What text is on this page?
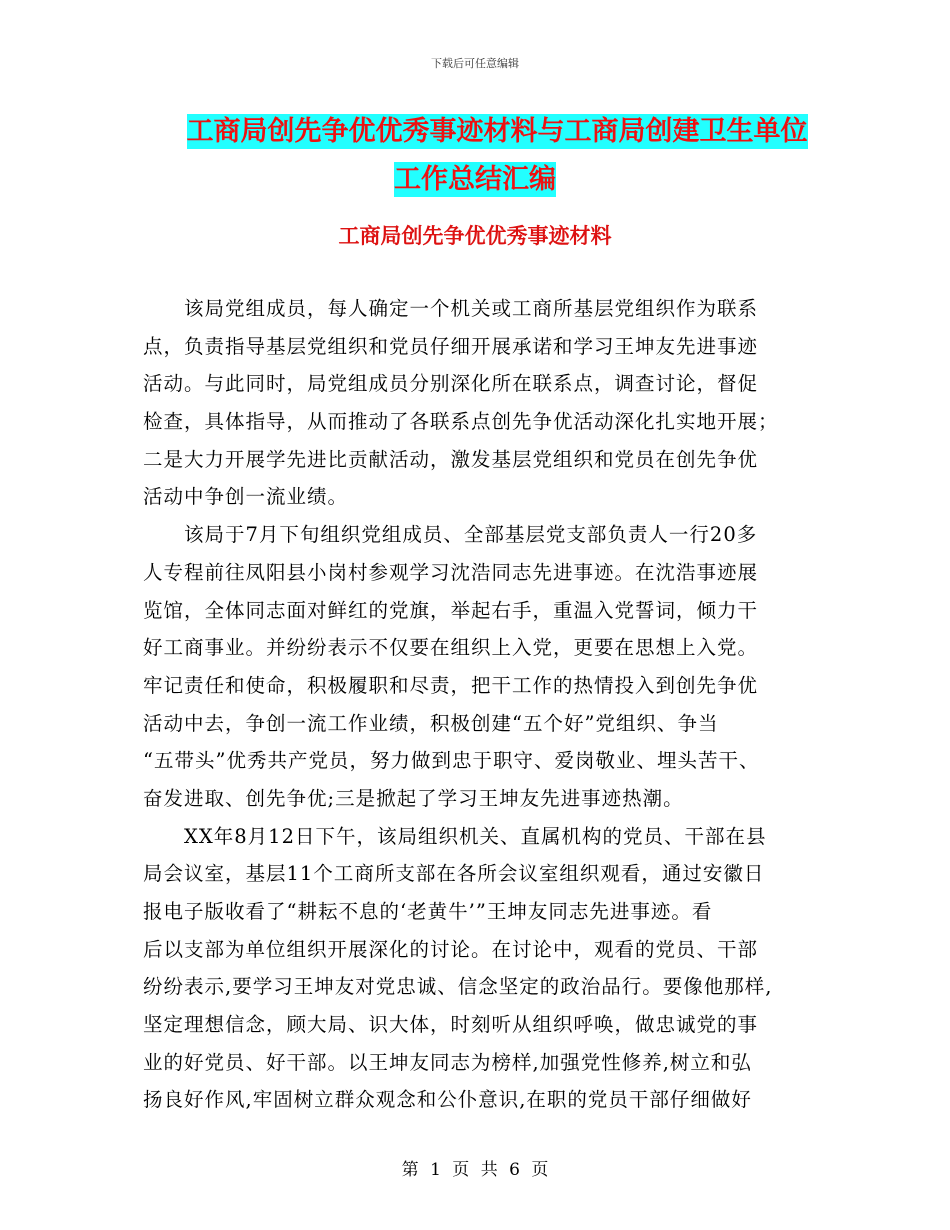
下载后可任意编辑
工商局创先争优优秀事迹材料与工商局创建卫生单位
工作总结汇编
工商局创先争优优秀事迹材料
　　该局党组成员，每人确定一个机关或工商所基层党组织作为联系
点，负责指导基层党组织和党员仔细开展承诺和学习王坤友先进事迹
活动。与此同时，局党组成员分别深化所在联系点，调查讨论，督促
检查，具体指导，从而推动了各联系点创先争优活动深化扎实地开展；
二是大力开展学先进比贡献活动，激发基层党组织和党员在创先争优
活动中争创一流业绩。
　　该局于7月下旬组织党组成员、全部基层党支部负责人一行20多
人专程前往凤阳县小岗村参观学习沈浩同志先进事迹。在沈浩事迹展
览馆，全体同志面对鲜红的党旗，举起右手，重温入党誓词，倾力干
好工商事业。并纷纷表示不仅要在组织上入党，更要在思想上入党。
牢记责任和使命，积极履职和尽责，把干工作的热情投入到创先争优
活动中去，争创一流工作业绩，积极创建“五个好”党组织、争当
“五带头”优秀共产党员，努力做到忠于职守、爱岗敬业、埋头苦干、
奋发进取、创先争优;三是掀起了学习王坤友先进事迹热潮。
　　XX年8月12日下午，该局组织机关、直属机构的党员、干部在县
局会议室，基层11个工商所支部在各所会议室组织观看，通过安徽日
报电子版收看了“耕耘不息的‘老黄牛’”王坤友同志先进事迹。看
后以支部为单位组织开展深化的讨论。在讨论中，观看的党员、干部
纷纷表示,要学习王坤友对党忠诚、信念坚定的政治品行。要像他那样,
坚定理想信念，顾大局、识大体，时刻听从组织呼唤，做忠诚党的事
业的好党员、好干部。以王坤友同志为榜样,加强党性修养,树立和弘
扬良好作风,牢固树立群众观念和公仆意识,在职的党员干部仔细做好
第 1 页 共 6 页
